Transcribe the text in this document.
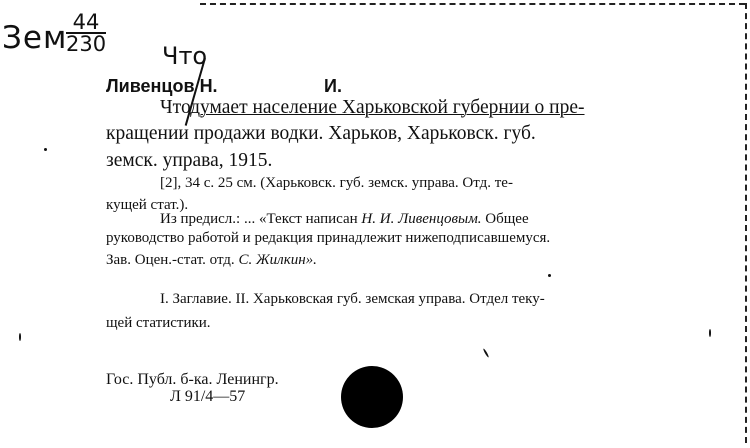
Зем
$\frac{44}{230}$
Что
Ливенцов Н.	И.
Чтодумает население Харьковской губернии о пре-
кращении продажи водки. Харьков, Харьковск. губ.
земск. управа, 1915.
[2], 34 с. 25 см. (Харьковск. губ. земск. управа. Отд. те-
кущей стат.).
Из предисл.: ... «Текст написан Н. И. Ливенцовым. Общее
руководство работой и редакция принадлежит нижеподписавшемуся.
Зав. Оцен.-стат. отд. С. Жилкин».
I. Заглавие. II. Харьковская губ. земская управа. Отдел теку-
щей статистики.
Гос. Публ. б-ка. Ленингр.
Л 91/4—57
